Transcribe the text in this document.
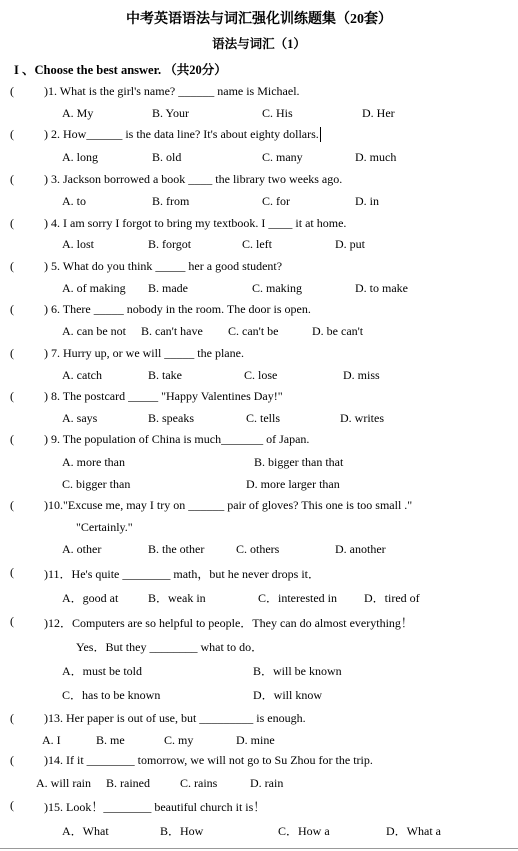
中考英语语法与词汇强化训练题集（20套）
语法与词汇（1）
I 、Choose the best answer. （共20分）
(	)1. What is the girl's name? ______ name is Michael.
A. My	B. Your	C. His	D. Her
(	) 2. How______ is the data line? It's about eighty dollars.
A. long	B. old	C. many	D. much
(	) 3. Jackson borrowed a book ____ the library two weeks ago.
A. to	B. from	C. for	D. in
(	) 4. I am sorry I forgot to bring my textbook. I ____ it at home.
A. lost	B. forgot	C. left	D. put
(	) 5. What do you think _____ her a good student?
A. of making B. made	C. making	D. to make
(	) 6. There _____ nobody in the room. The door is open.
A. can be not B. can't have C. can't be	D. be can't
(	) 7. Hurry up, or we will _____ the plane.
A. catch	B. take	C. lose	D. miss
(	) 8. The postcard _____ "Happy Valentines Day!"
A. says	B. speaks	C. tells	D. writes
(	) 9. The population of China is much_______ of Japan.
A. more than	B. bigger than that
C. bigger than	D. more larger than
(	)10."Excuse me, may I try on ______ pair of gloves? This one is too small ."
"Certainly."
A. other	B. the other	C. others	D. another
(	)11．He's quite ________ math，but he never drops it．
A．good at B．weak in	C．interested in D．tired of
(	)12．Computers are so helpful to people．They can do almost everything！
Yes．But they ________ what to do．
A．must be told	B．will be known
C．has to be known	D．will know
(	)13. Her paper is out of use, but _________ is enough.
A. I	B. me	C. my	D. mine
(	)14. If it ________ tomorrow, we will not go to Su Zhou for the trip.
A. will rain B. rained	C. rains	D. rain
(	)15. Look！________ beautiful church it is！
A．What	B．How	C．How a	D．What a
